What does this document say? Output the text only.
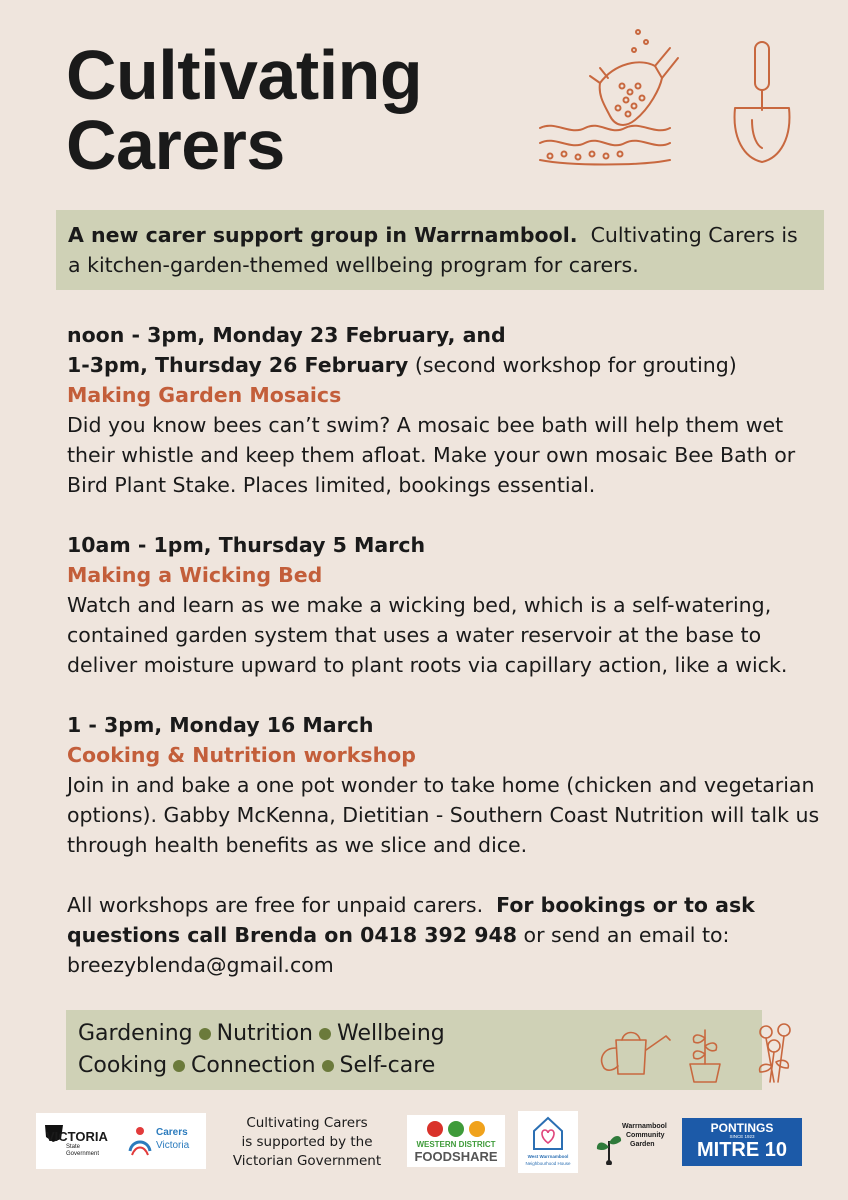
Cultivating
Carers
A new carer support group in Warrnambool. Cultivating Carers is a kitchen-garden-themed wellbeing program for carers.
noon - 3pm, Monday 23 February, and
1-3pm, Thursday 26 February (second workshop for grouting)
Making Garden Mosaics
Did you know bees can’t swim? A mosaic bee bath will help them wet their whistle and keep them afloat. Make your own mosaic Bee Bath or Bird Plant Stake. Places limited, bookings essential.
10am - 1pm, Thursday 5 March
Making a Wicking Bed
Watch and learn as we make a wicking bed, which is a self-watering, contained garden system that uses a water reservoir at the base to deliver moisture upward to plant roots via capillary action, like a wick.
1 - 3pm, Monday 16 March
Cooking & Nutrition workshop
Join in and bake a one pot wonder to take home (chicken and vegetarian options). Gabby McKenna, Dietitian - Southern Coast Nutrition will talk us through health benefits as we slice and dice.
All workshops are free for unpaid carers. For bookings or to ask questions call Brenda on 0418 392 948 or send an email to:
breezyblenda@gmail.com
Gardening Nutrition Wellbeing
Cooking Connection Self-care
VICTORIA
State
Government
Carers
Victoria
Cultivating Carers
is supported by the
Victorian Government
WESTERN DISTRICT
FOODSHARE	West Warrnambool
Neighbourhood House
Warrnambool
Community
Garden
PONTINGS
SINCE 1923
MITRE 10
